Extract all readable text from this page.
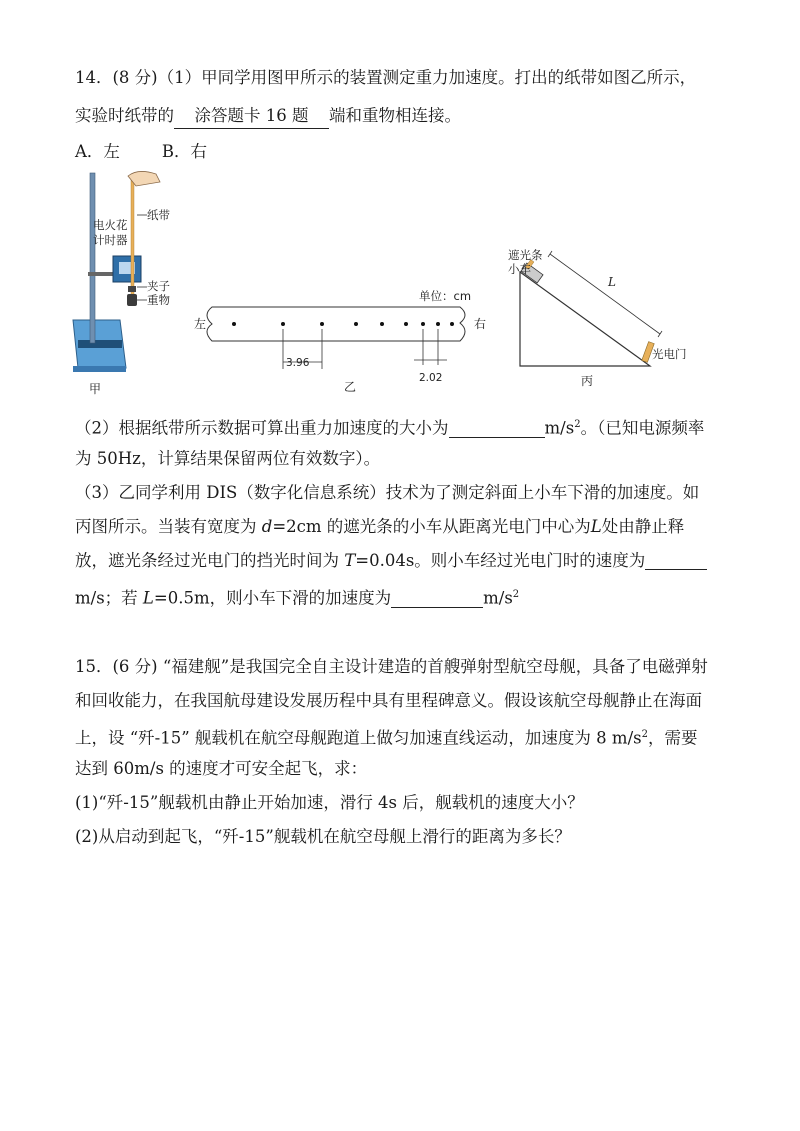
14．(8 分)（1）甲同学用图甲所示的装置测定重力加速度。打出的纸带如图乙所示，
实验时纸带的 涂答题卡 16 题 端和重物相连接。
A．左	B．右
甲
电火花
计时器
纸带
夹子
重物	单位：cm
左	右
3.96
2.02
乙
遮光条
小车
L
光电门
丙
（2）根据纸带所示数据可算出重力加速度的大小为	$m/s^2$。（已知电源频率
为 50Hz，计算结果保留两位有效数字）。
（3）乙同学利用 DIS（数字化信息系统）技术为了测定斜面上小车下滑的加速度。如
丙图所示。当装有宽度为 d=2cm 的遮光条的小车从距离光电门中心为L处由静止释
放，遮光条经过光电门的挡光时间为 T=0.04s。则小车经过光电门时的速度为
m/s；若 L=0.5m，则小车下滑的加速度为	$m/s^2$
15．(6 分) “福建舰”是我国完全自主设计建造的首艘弹射型航空母舰，具备了电磁弹射
和回收能力，在我国航母建设发展历程中具有里程碑意义。假设该航空母舰静止在海面
上，设 “歼-15” 舰载机在航空母舰跑道上做匀加速直线运动，加速度为 8 $m/s^2$，需要
达到 60m/s 的速度才可安全起飞，求：
(1)“歼-15”舰载机由静止开始加速，滑行 4s 后，舰载机的速度大小？
(2)从启动到起飞，“歼-15”舰载机在航空母舰上滑行的距离为多长？
